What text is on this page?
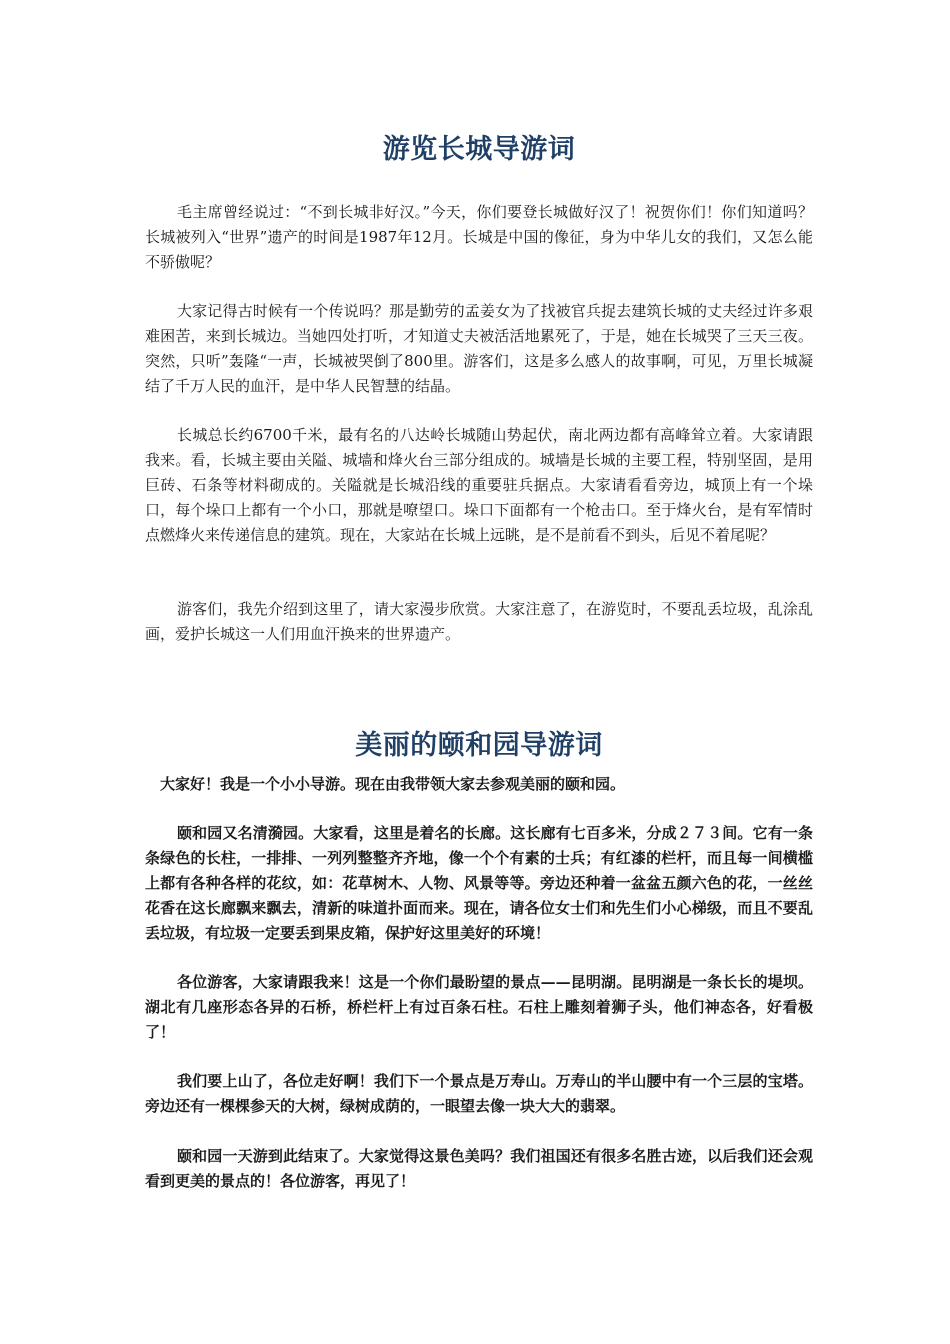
游览长城导游词

毛主席曾经说过：“不到长城非好汉。”今天，你们要登长城做好汉了！祝贺你们！你们知道吗？长城被列入“世界”遗产的时间是1987年12月。长城是中国的像征，身为中华儿女的我们，又怎么能不骄傲呢？

大家记得古时候有一个传说吗？那是勤劳的孟姜女为了找被官兵捉去建筑长城的丈夫经过许多艰难困苦，来到长城边。当她四处打听，才知道丈夫被活活地累死了，于是，她在长城哭了三天三夜。突然，只听”轰隆“一声，长城被哭倒了800里。游客们，这是多么感人的故事啊，可见，万里长城凝结了千万人民的血汗，是中华人民智慧的结晶。

长城总长约6700千米，最有名的八达岭长城随山势起伏，南北两边都有高峰耸立着。大家请跟我来。看，长城主要由关隘、城墙和烽火台三部分组成的。城墙是长城的主要工程，特别坚固，是用巨砖、石条等材料砌成的。关隘就是长城沿线的重要驻兵据点。大家请看看旁边，城顶上有一个垛口，每个垛口上都有一个小口，那就是嘹望口。垛口下面都有一个枪击口。至于烽火台，是有军情时点燃烽火来传递信息的建筑。现在，大家站在长城上远眺，是不是前看不到头，后见不着尾呢？

游客们，我先介绍到这里了，请大家漫步欣赏。大家注意了，在游览时，不要乱丢垃圾，乱涂乱画，爱护长城这一人们用血汗换来的世界遗产。

美丽的颐和园导游词

大家好！我是一个小小导游。现在由我带领大家去参观美丽的颐和园。

颐和园又名清漪园。大家看，这里是着名的长廊。这长廊有七百多米，分成２７３间。它有一条条绿色的长柱，一排排、一列列整整齐齐地，像一个个有素的士兵；有红漆的栏杆，而且每一间横槛上都有各种各样的花纹，如：花草树木、人物、风景等等。旁边还种着一盆盆五颜六色的花，一丝丝花香在这长廊飘来飘去，清新的味道扑面而来。现在，请各位女士们和先生们小心梯级，而且不要乱丢垃圾，有垃圾一定要丢到果皮箱，保护好这里美好的环境！

各位游客，大家请跟我来！这是一个你们最盼望的景点——昆明湖。昆明湖是一条长长的堤坝。湖北有几座形态各异的石桥，桥栏杆上有过百条石柱。石柱上雕刻着狮子头，他们神态各，好看极了！

我们要上山了，各位走好啊！我们下一个景点是万寿山。万寿山的半山腰中有一个三层的宝塔。旁边还有一棵棵参天的大树，绿树成荫的，一眼望去像一块大大的翡翠。

颐和园一天游到此结束了。大家觉得这景色美吗？我们祖国还有很多名胜古迹，以后我们还会观看到更美的景点的！各位游客，再见了！
